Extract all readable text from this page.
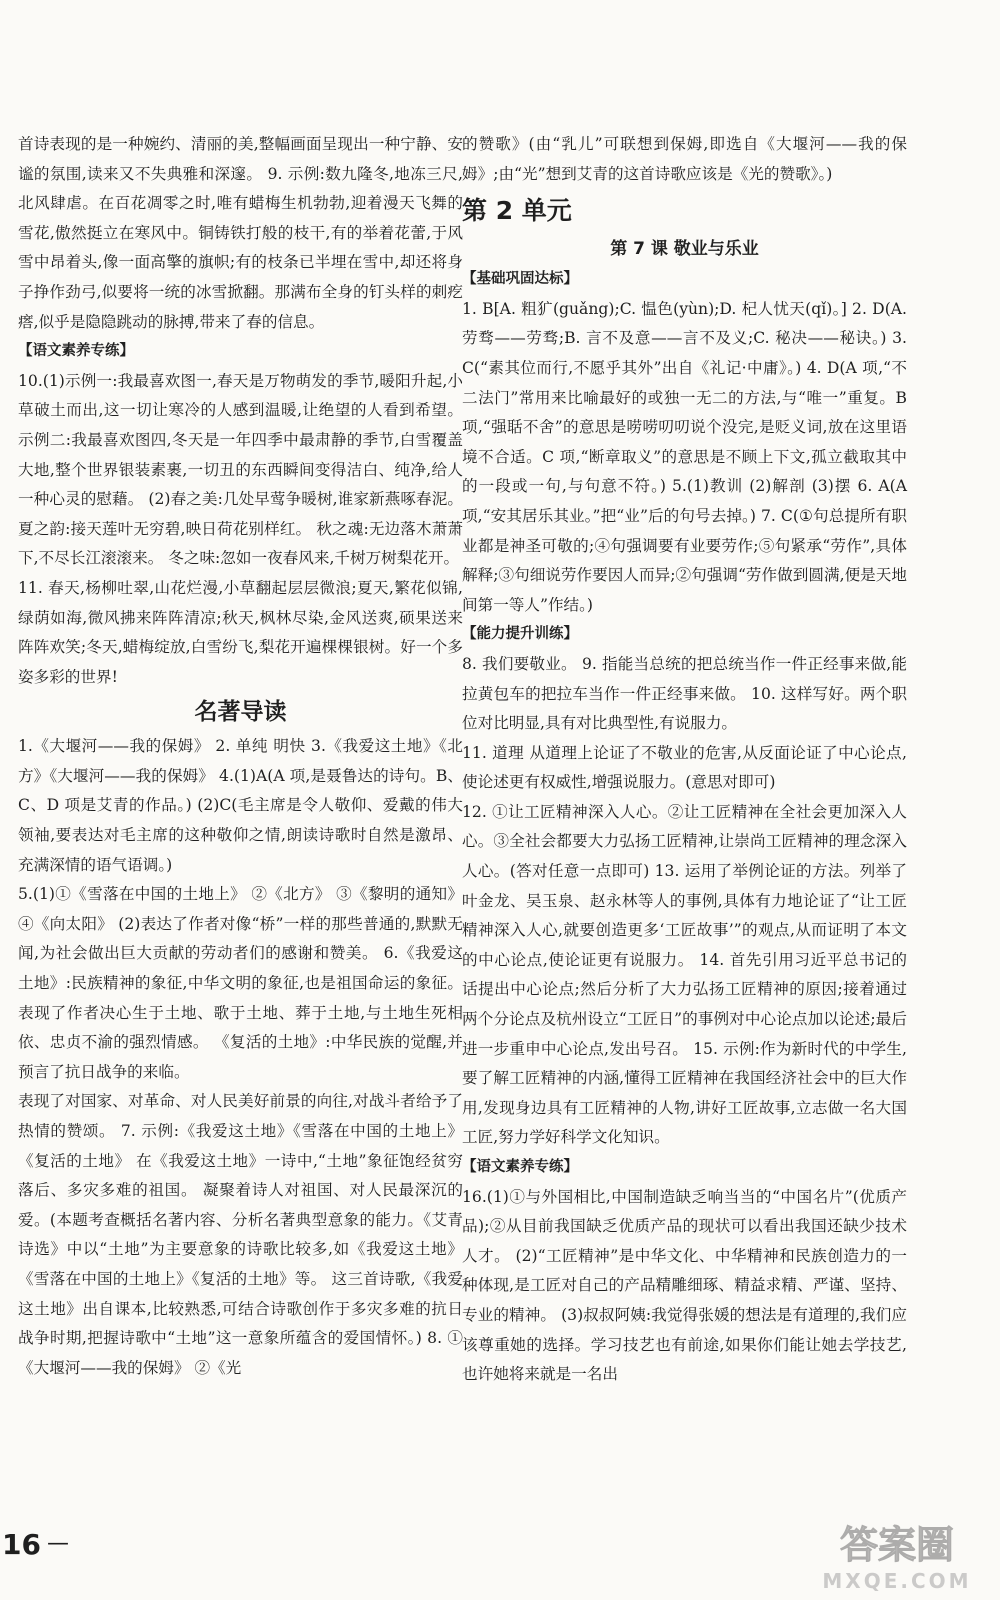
首诗表现的是一种婉约、清丽的美,整幅画面呈现出一种宁静、安谧的氛围,读来又不失典雅和深邃。 9. 示例:数九隆冬,地冻三尺,北风肆虐。在百花凋零之时,唯有蜡梅生机勃勃,迎着漫天飞舞的雪花,傲然挺立在寒风中。铜铸铁打般的枝干,有的举着花蕾,于风雪中昂着头,像一面高擎的旗帜;有的枝条已半埋在雪中,却还将身子挣作劲弓,似要将一统的冰雪掀翻。那满布全身的钉头样的刺疙瘩,似乎是隐隐跳动的脉搏,带来了春的信息。

【语文素养专练】

10.(1)示例一:我最喜欢图一,春天是万物萌发的季节,暖阳升起,小草破土而出,这一切让寒冷的人感到温暖,让绝望的人看到希望。 示例二:我最喜欢图四,冬天是一年四季中最肃静的季节,白雪覆盖大地,整个世界银装素裹,一切丑的东西瞬间变得洁白、纯净,给人一种心灵的慰藉。 (2)春之美:几处早莺争暖树,谁家新燕啄春泥。 夏之韵:接天莲叶无穷碧,映日荷花别样红。 秋之魂:无边落木萧萧下,不尽长江滚滚来。 冬之味:忽如一夜春风来,千树万树梨花开。

11. 春天,杨柳吐翠,山花烂漫,小草翻起层层微浪;夏天,繁花似锦,绿荫如海,微风拂来阵阵清凉;秋天,枫林尽染,金风送爽,硕果送来阵阵欢笑;冬天,蜡梅绽放,白雪纷飞,梨花开遍棵棵银树。好一个多姿多彩的世界!

名著导读

1.《大堰河——我的保姆》 2. 单纯 明快 3.《我爱这土地》《北方》《大堰河——我的保姆》 4.(1)A(A 项,是聂鲁达的诗句。B、C、D 项是艾青的作品。) (2)C(毛主席是令人敬仰、爱戴的伟大领袖,要表达对毛主席的这种敬仰之情,朗读诗歌时自然是激昂、充满深情的语气语调。)

5.(1)①《雪落在中国的土地上》 ②《北方》 ③《黎明的通知》 ④《向太阳》 (2)表达了作者对像“桥”一样的那些普通的,默默无闻,为社会做出巨大贡献的劳动者们的感谢和赞美。 6.《我爱这土地》:民族精神的象征,中华文明的象征,也是祖国命运的象征。 表现了作者决心生于土地、歌于土地、葬于土地,与土地生死相依、忠贞不渝的强烈情感。 《复活的土地》:中华民族的觉醒,并预言了抗日战争的来临。

表现了对国家、对革命、对人民美好前景的向往,对战斗者给予了热情的赞颂。 7. 示例:《我爱这土地》《雪落在中国的土地上》《复活的土地》 在《我爱这土地》一诗中,“土地”象征饱经贫穷落后、多灾多难的祖国。 凝聚着诗人对祖国、对人民最深沉的爱。(本题考查概括名著内容、分析名著典型意象的能力。《艾青诗选》中以“土地”为主要意象的诗歌比较多,如《我爱这土地》《雪落在中国的土地上》《复活的土地》等。 这三首诗歌,《我爱这土地》出自课本,比较熟悉,可结合诗歌创作于多灾多难的抗日战争时期,把握诗歌中“土地”这一意象所蕴含的爱国情怀。) 8. ①《大堰河——我的保姆》 ②《光

的赞歌》(由“乳儿”可联想到保姆,即选自《大堰河——我的保姆》;由“光”想到艾青的这首诗歌应该是《光的赞歌》。)

第 2 单元

第 7 课 敬业与乐业

【基础巩固达标】

1. B[A. 粗犷(guǎng);C. 愠色(yùn);D. 杞人忧天(qǐ)。] 2. D(A. 劳骛——劳骛;B. 言不及意——言不及义;C. 秘决——秘诀。) 3. C(“素其位而行,不愿乎其外”出自《礼记·中庸》。) 4. D(A 项,“不二法门”常用来比喻最好的或独一无二的方法,与“唯一”重复。B 项,“强聒不舍”的意思是唠唠叨叨说个没完,是贬义词,放在这里语境不合适。C 项,“断章取义”的意思是不顾上下文,孤立截取其中的一段或一句,与句意不符。) 5.(1)教训 (2)解剖 (3)摆 6. A(A 项,“安其居乐其业。”把“业”后的句号去掉。) 7. C(①句总提所有职业都是神圣可敬的;④句强调要有业要劳作;⑤句紧承“劳作”,具体解释;③句细说劳作要因人而异;②句强调“劳作做到圆满,便是天地间第一等人”作结。)

【能力提升训练】

8. 我们要敬业。 9. 指能当总统的把总统当作一件正经事来做,能拉黄包车的把拉车当作一件正经事来做。 10. 这样写好。两个职位对比明显,具有对比典型性,有说服力。

11. 道理 从道理上论证了不敬业的危害,从反面论证了中心论点,使论述更有权威性,增强说服力。(意思对即可)

12. ①让工匠精神深入人心。②让工匠精神在全社会更加深入人心。③全社会都要大力弘扬工匠精神,让崇尚工匠精神的理念深入人心。(答对任意一点即可) 13. 运用了举例论证的方法。列举了叶金龙、吴玉泉、赵永林等人的事例,具体有力地论证了“让工匠精神深入人心,就要创造更多‘工匠故事’”的观点,从而证明了本文的中心论点,使论证更有说服力。 14. 首先引用习近平总书记的话提出中心论点;然后分析了大力弘扬工匠精神的原因;接着通过两个分论点及杭州设立“工匠日”的事例对中心论点加以论述;最后进一步重申中心论点,发出号召。 15. 示例:作为新时代的中学生,要了解工匠精神的内涵,懂得工匠精神在我国经济社会中的巨大作用,发现身边具有工匠精神的人物,讲好工匠故事,立志做一名大国工匠,努力学好科学文化知识。

【语文素养专练】

16.(1)①与外国相比,中国制造缺乏响当当的“中国名片”(优质产品);②从目前我国缺乏优质产品的现状可以看出我国还缺少技术人才。 (2)“工匠精神”是中华文化、中华精神和民族创造力的一种体现,是工匠对自己的产品精雕细琢、精益求精、严谨、坚持、专业的精神。 (3)叔叔阿姨:我觉得张媛的想法是有道理的,我们应该尊重她的选择。学习技艺也有前途,如果你们能让她去学技艺,也许她将来就是一名出

16 —	答案圈
MXQE.COM
